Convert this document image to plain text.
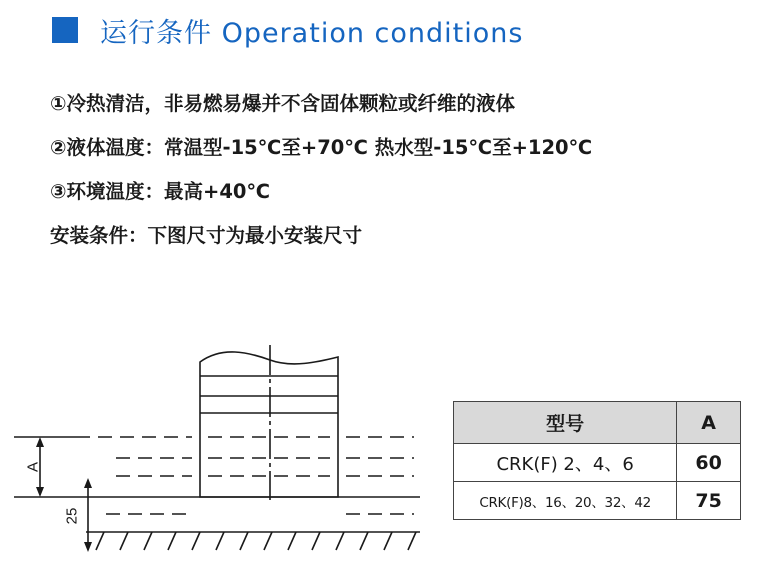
运行条件 Operation conditions
①冷热清洁，非易燃易爆并不含固体颗粒或纤维的液体
②液体温度：常温型-15℃至+70℃ 热水型-15℃至+120℃
③环境温度：最高+40℃
安装条件：下图尺寸为最小安装尺寸
A
25
型号	A
CRK(F) 2、4、6	60
CRK(F)8、16、20、32、42	75
